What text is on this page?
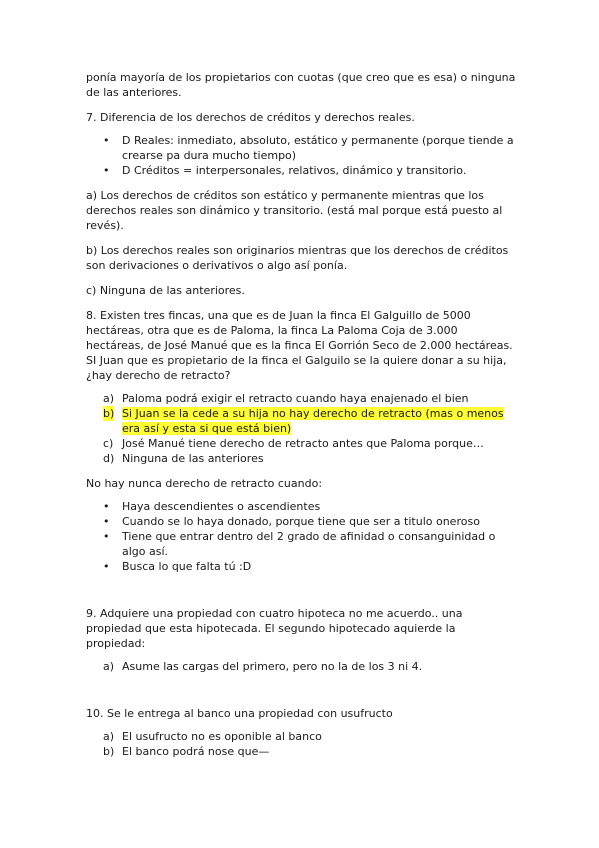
ponía mayoría de los propietarios con cuotas (que creo que es esa) o ninguna de las anteriores.

7. Diferencia de los derechos de créditos y derechos reales.

• D Reales: inmediato, absoluto, estático y permanente (porque tiende a crearse pa dura mucho tiempo)
• D Créditos = interpersonales, relativos, dinámico y transitorio.

a) Los derechos de créditos son estático y permanente mientras que los derechos reales son dinámico y transitorio. (está mal porque está puesto al revés).

b) Los derechos reales son originarios mientras que los derechos de créditos son derivaciones o derivativos o algo así ponía.

c) Ninguna de las anteriores.

8. Existen tres fincas, una que es de Juan la finca El Galguillo de 5000 hectáreas, otra que es de Paloma, la finca La Paloma Coja de 3.000 hectáreas, de José Manué que es la finca El Gorrión Seco de 2.000 hectáreas. SI Juan que es propietario de la finca el Galguilo se la quiere donar a su hija, ¿hay derecho de retracto?

a) Paloma podrá exigir el retracto cuando haya enajenado el bien
b) Si Juan se la cede a su hija no hay derecho de retracto (mas o menos era así y esta si que está bien)
c) José Manué tiene derecho de retracto antes que Paloma porque…
d) Ninguna de las anteriores

No hay nunca derecho de retracto cuando:

• Haya descendientes o ascendientes
• Cuando se lo haya donado, porque tiene que ser a titulo oneroso
• Tiene que entrar dentro del 2 grado de afinidad o consanguinidad o algo así.
• Busca lo que falta tú :D

9. Adquiere una propiedad con cuatro hipoteca no me acuerdo.. una propiedad que esta hipotecada. El segundo hipotecado aquierde la propiedad:

a) Asume las cargas del primero, pero no la de los 3 ni 4.

10. Se le entrega al banco una propiedad con usufructo

a) El usufructo no es oponible al banco
b) El banco podrá nose que—
